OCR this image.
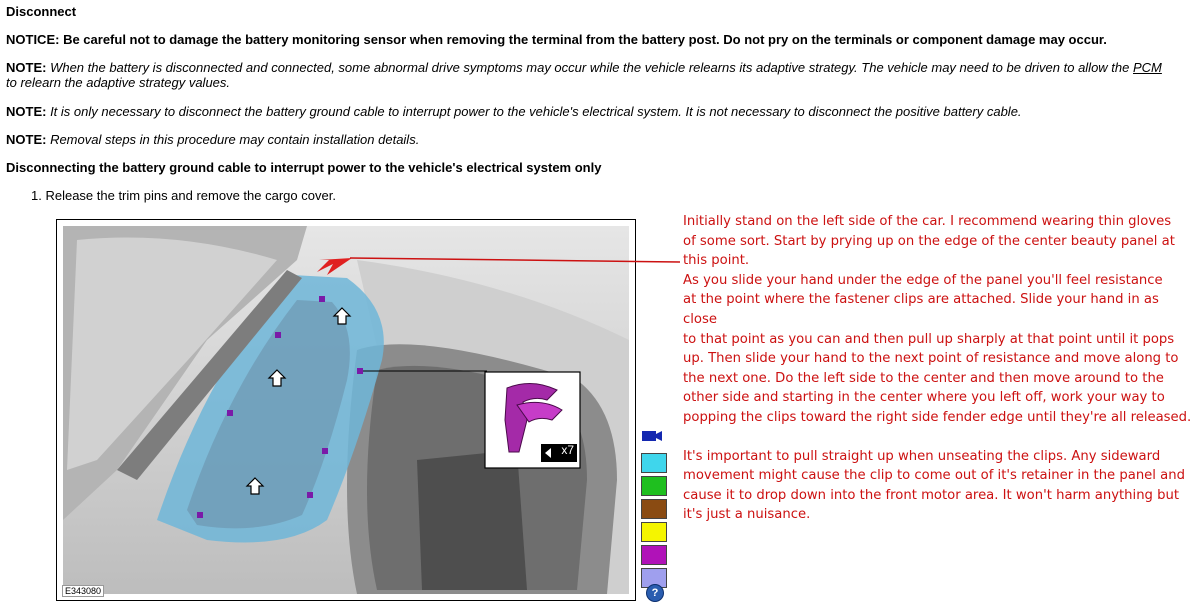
Disconnect
NOTICE: Be careful not to damage the battery monitoring sensor when removing the terminal from the battery post. Do not pry on the terminals or component damage may occur.
NOTE: When the battery is disconnected and connected, some abnormal drive symptoms may occur while the vehicle relearns its adaptive strategy. The vehicle may need to be driven to allow the PCM
to relearn the adaptive strategy values.
NOTE: It is only necessary to disconnect the battery ground cable to interrupt power to the vehicle's electrical system. It is not necessary to disconnect the positive battery cable.
NOTE: Removal steps in this procedure may contain installation details.
Disconnecting the battery ground cable to interrupt power to the vehicle's electrical system only
1. Release the trim pins and remove the cargo cover.
x7
E343080	?

Initially stand on the left side of the car. I recommend wearing thin gloves

of some sort. Start by prying up on the edge of the center beauty panel at

this point.

As you slide your hand under the edge of the panel you'll feel resistance

at the point where the fastener clips are attached. Slide your hand in as close

to that point as you can and then pull up sharply at that point until it pops

up. Then slide your hand to the next point of resistance and move along to

the next one. Do the left side to the center and then move around to the

other side and starting in the center where you left off, work your way to

popping the clips toward the right side fender edge until they're all released.

It's important to pull straight up when unseating the clips. Any sideward

movement might cause the clip to come out of it's retainer in the panel and

cause it to drop down into the front motor area. It won't harm anything but

it's just a nuisance.
